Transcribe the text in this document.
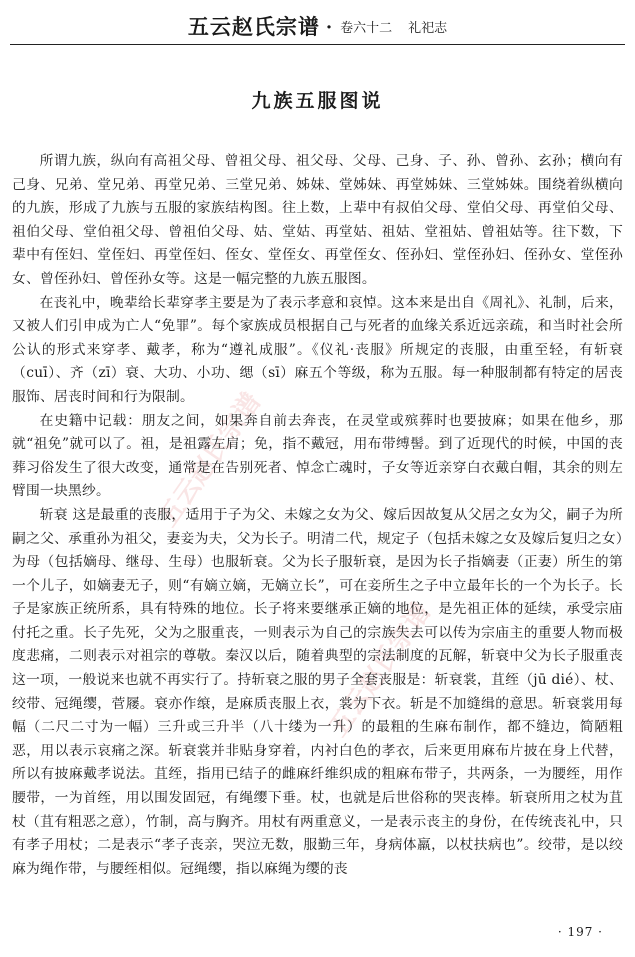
五云赵氏宗谱 · 卷六十二 礼祀志
九族五服图说
五云赵氏宗谱
五云赵氏宗谱

所谓九族，纵向有高祖父母、曾祖父母、祖父母、父母、己身、子、孙、曾孙、玄孙；横向有己身、兄弟、堂兄弟、再堂兄弟、三堂兄弟、姊妹、堂姊妹、再堂姊妹、三堂姊妹。围绕着纵横向的九族，形成了九族与五服的家族结构图。往上数，上辈中有叔伯父母、堂伯父母、再堂伯父母、祖伯父母、堂伯祖父母、曾祖伯父母、姑、堂姑、再堂姑、祖姑、堂祖姑、曾祖姑等。往下数，下辈中有侄妇、堂侄妇、再堂侄妇、侄女、堂侄女、再堂侄女、侄孙妇、堂侄孙妇、侄孙女、堂侄孙女、曾侄孙妇、曾侄孙女等。这是一幅完整的九族五服图。

在丧礼中，晚辈给长辈穿孝主要是为了表示孝意和哀悼。这本来是出自《周礼》、礼制，后来，又被人们引申成为亡人“免罪”。每个家族成员根据自己与死者的血缘关系近远亲疏，和当时社会所公认的形式来穿孝、戴孝，称为“遵礼成服”。《仪礼·丧服》所规定的丧服，由重至轻，有斩衰（cuī）、齐（zī）衰、大功、小功、缌（sī）麻五个等级，称为五服。每一种服制都有特定的居丧服饰、居丧时间和行为限制。

在史籍中记载：朋友之间，如果奔自前去奔丧，在灵堂或殡葬时也要披麻；如果在他乡，那就“祖免”就可以了。祖，是祖露左肩；免，指不戴冠，用布带缚髻。到了近现代的时候，中国的丧葬习俗发生了很大改变，通常是在告别死者、悼念亡魂时，子女等近亲穿白衣戴白帽，其余的则左臂围一块黑纱。

斩衰 这是最重的丧服，适用于子为父、未嫁之女为父、嫁后因故复从父居之女为父，嗣子为所嗣之父、承重孙为祖父，妻妾为夫，父为长子。明清二代，规定子（包括未嫁之女及嫁后复归之女）为母（包括嫡母、继母、生母）也服斩衰。父为长子服斩衰，是因为长子指嫡妻（正妻）所生的第一个儿子，如嫡妻无子，则“有嫡立嫡，无嫡立长”，可在妾所生之子中立最年长的一个为长子。长子是家族正统所系，具有特殊的地位。长子将来要继承正嫡的地位，是先祖正体的延续，承受宗庙付托之重。长子先死，父为之服重丧，一则表示为自己的宗族失去可以传为宗庙主的重要人物而极度悲痛，二则表示对祖宗的尊敬。秦汉以后，随着典型的宗法制度的瓦解，斩衰中父为长子服重丧这一项，一般说来也就不再实行了。持斩衰之服的男子全套丧服是：斩衰裳，苴绖（jū dié）、杖、绞带、冠绳缨，菅屦。衰亦作缞，是麻质丧服上衣，裳为下衣。斩是不加缝缉的意思。斩衰裳用每幅（二尺二寸为一幅）三升或三升半（八十缕为一升）的最粗的生麻布制作，都不缝边，简陋粗恶，用以表示哀痛之深。斩衰裳并非贴身穿着，内衬白色的孝衣，后来更用麻布片披在身上代替，所以有披麻戴孝说法。苴绖，指用已结子的雌麻纤维织成的粗麻布带子，共两条，一为腰绖，用作腰带，一为首绖，用以围发固冠，有绳缨下垂。杖，也就是后世俗称的哭丧棒。斩衰所用之杖为苴杖（苴有粗恶之意），竹制，高与胸齐。用杖有两重意义，一是表示丧主的身份，在传统丧礼中，只有孝子用杖；二是表示“孝子丧亲，哭泣无数，服勤三年，身病体羸，以杖扶病也”。绞带，是以绞麻为绳作带，与腰绖相似。冠绳缨，指以麻绳为缨的丧

· 197 ·
